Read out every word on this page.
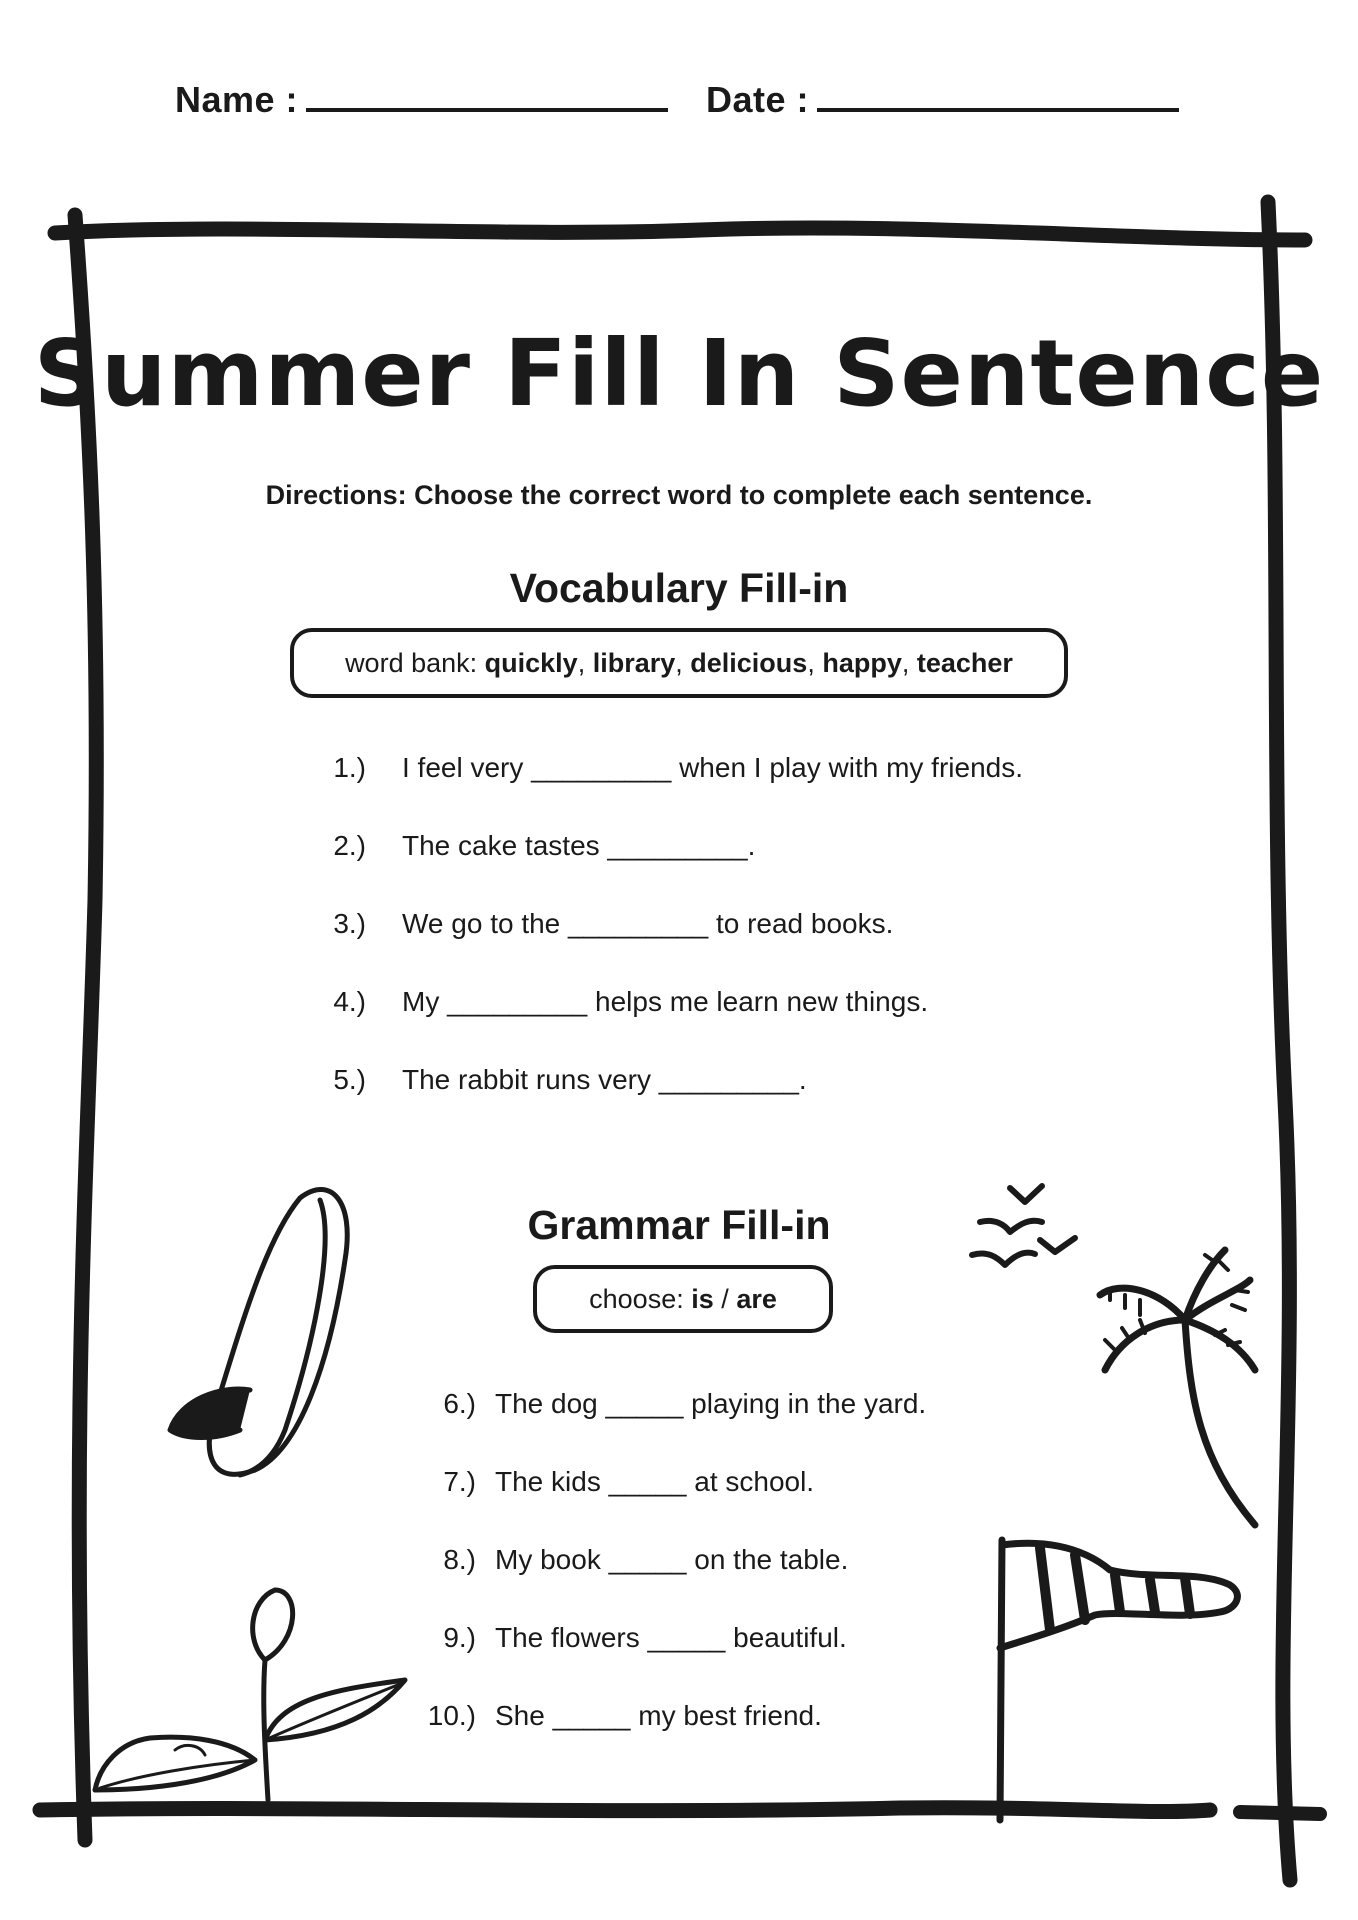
Name :	Date :
Summer Fill In Sentence
Directions: Choose the correct word to complete each sentence.
Vocabulary Fill-in
word bank:
quickly , library , delicious , happy , teacher
1.) I feel very _________ when I play with my friends.
2.) The cake tastes _________.
3.) We go to the _________ to read books.
4.) My _________ helps me learn new things.
5.) The rabbit runs very _________.
Grammar Fill-in
choose:
is
/
are
6.) The dog _____ playing in the yard.
7.) The kids _____ at school.
8.) My book _____ on the table.
9.) The flowers _____ beautiful.
10.) She _____ my best friend.
